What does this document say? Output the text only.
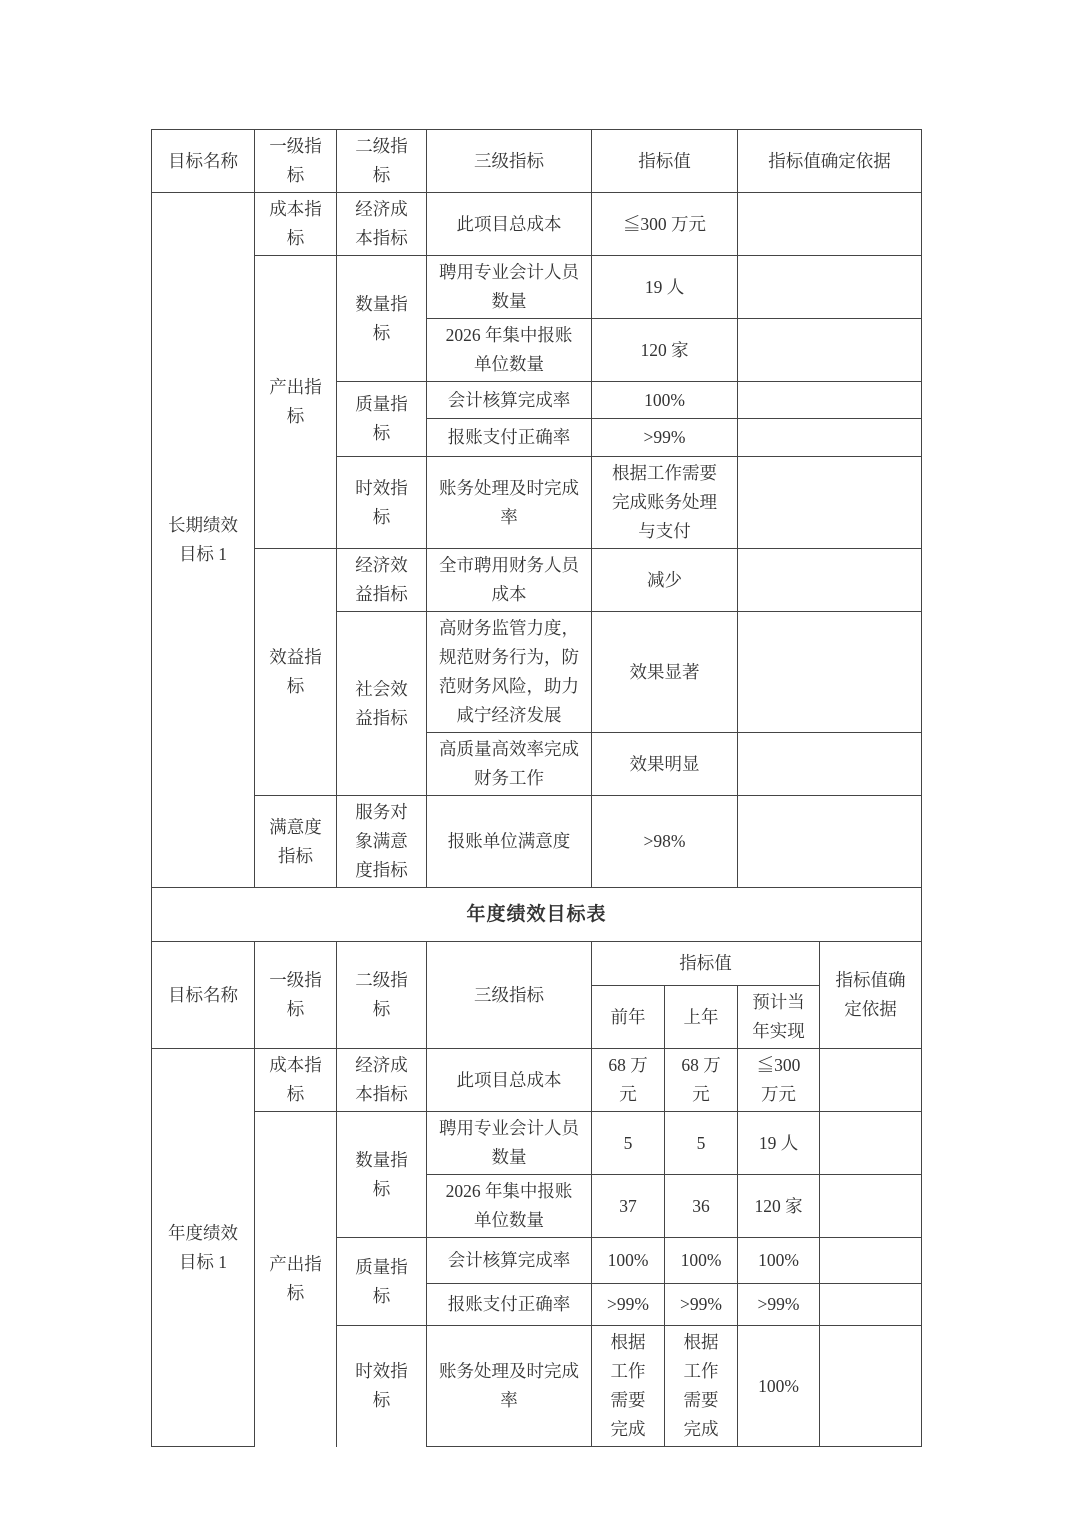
目标名称	一级指标	二级指标	三级指标	指标值		指标值确定依据	
长期绩效目标 1	成本指标	经济成本指标	此项目总成本	≦300 万元			
	产出指标	数量指标	聘用专业会计人员数量	19 人			
			2026 年集中报账单位数量	120 家			
		质量指标	会计核算完成率	100%			
			报账支付正确率	>99%			
		时效指标	账务处理及时完成率	根据工作需要完成账务处理与支付			
	效益指标	经济效益指标	全市聘用财务人员成本	减少			
		社会效益指标	高财务监管力度，规范财务行为，防范财务风险，助力咸宁经济发展	效果显著			
			高质量高效率完成财务工作	效果明显			
	满意度指标	服务对象满意度指标	报账单位满意度	>98%			
年度绩效目标表							
目标名称	一级指标	二级指标	三级指标	指标值			指标值确定依据
				前年	上年	预计当年实现	
年度绩效目标 1	成本指标	经济成本指标	此项目总成本	68 万元	68 万元	≦300 万元	
	产出指标	数量指标	聘用专业会计人员数量	5	5	19 人	
			2026 年集中报账单位数量	37	36	120 家	
		质量指标	会计核算完成率	100%	100%	100%	
			报账支付正确率	>99%	>99%	>99%	
		时效指标	账务处理及时完成率	根据工作需要完成	根据工作需要完成	100%	
